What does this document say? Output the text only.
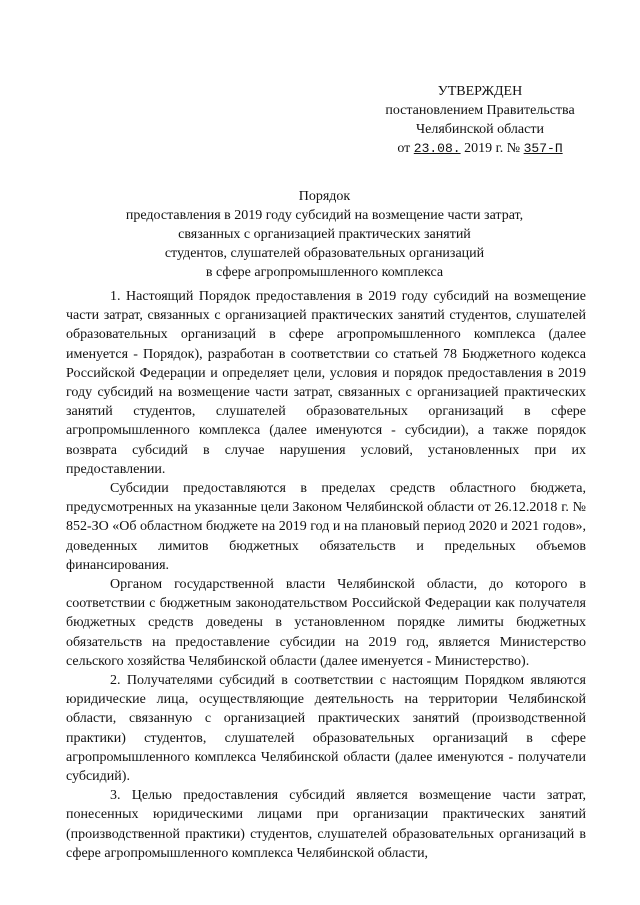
УТВЕРЖДЕН
постановлением Правительства
Челябинской области
от 23.08. 2019 г. № 357-П
Порядок
предоставления в 2019 году субсидий на возмещение части затрат,
связанных с организацией практических занятий
студентов, слушателей образовательных организаций
в сфере агропромышленного комплекса

1. Настоящий Порядок предоставления в 2019 году субсидий на возмещение части затрат, связанных с организацией практических занятий студентов, слушателей образовательных организаций в сфере агропромышленного комплекса (далее именуется - Порядок), разработан в соответствии со статьей 78 Бюджетного кодекса Российской Федерации и определяет цели, условия и порядок предоставления в 2019 году субсидий на возмещение части затрат, связанных с организацией практических занятий студентов, слушателей образовательных организаций в сфере агропромышленного комплекса (далее именуются - субсидии), а также порядок возврата субсидий в случае нарушения условий, установленных при их предоставлении.

Субсидии предоставляются в пределах средств областного бюджета, предусмотренных на указанные цели Законом Челябинской области от 26.12.2018 г. № 852-ЗО «Об областном бюджете на 2019 год и на плановый период 2020 и 2021 годов», доведенных лимитов бюджетных обязательств и предельных объемов финансирования.

Органом государственной власти Челябинской области, до которого в соответствии с бюджетным законодательством Российской Федерации как получателя бюджетных средств доведены в установленном порядке лимиты бюджетных обязательств на предоставление субсидии на 2019 год, является Министерство сельского хозяйства Челябинской области (далее именуется - Министерство).

2. Получателями субсидий в соответствии с настоящим Порядком являются юридические лица, осуществляющие деятельность на территории Челябинской области, связанную с организацией практических занятий (производственной практики) студентов, слушателей образовательных организаций в сфере агропромышленного комплекса Челябинской области (далее именуются - получатели субсидий).

3. Целью предоставления субсидий является возмещение части затрат, понесенных юридическими лицами при организации практических занятий (производственной практики) студентов, слушателей образовательных организаций в сфере агропромышленного комплекса Челябинской области,
